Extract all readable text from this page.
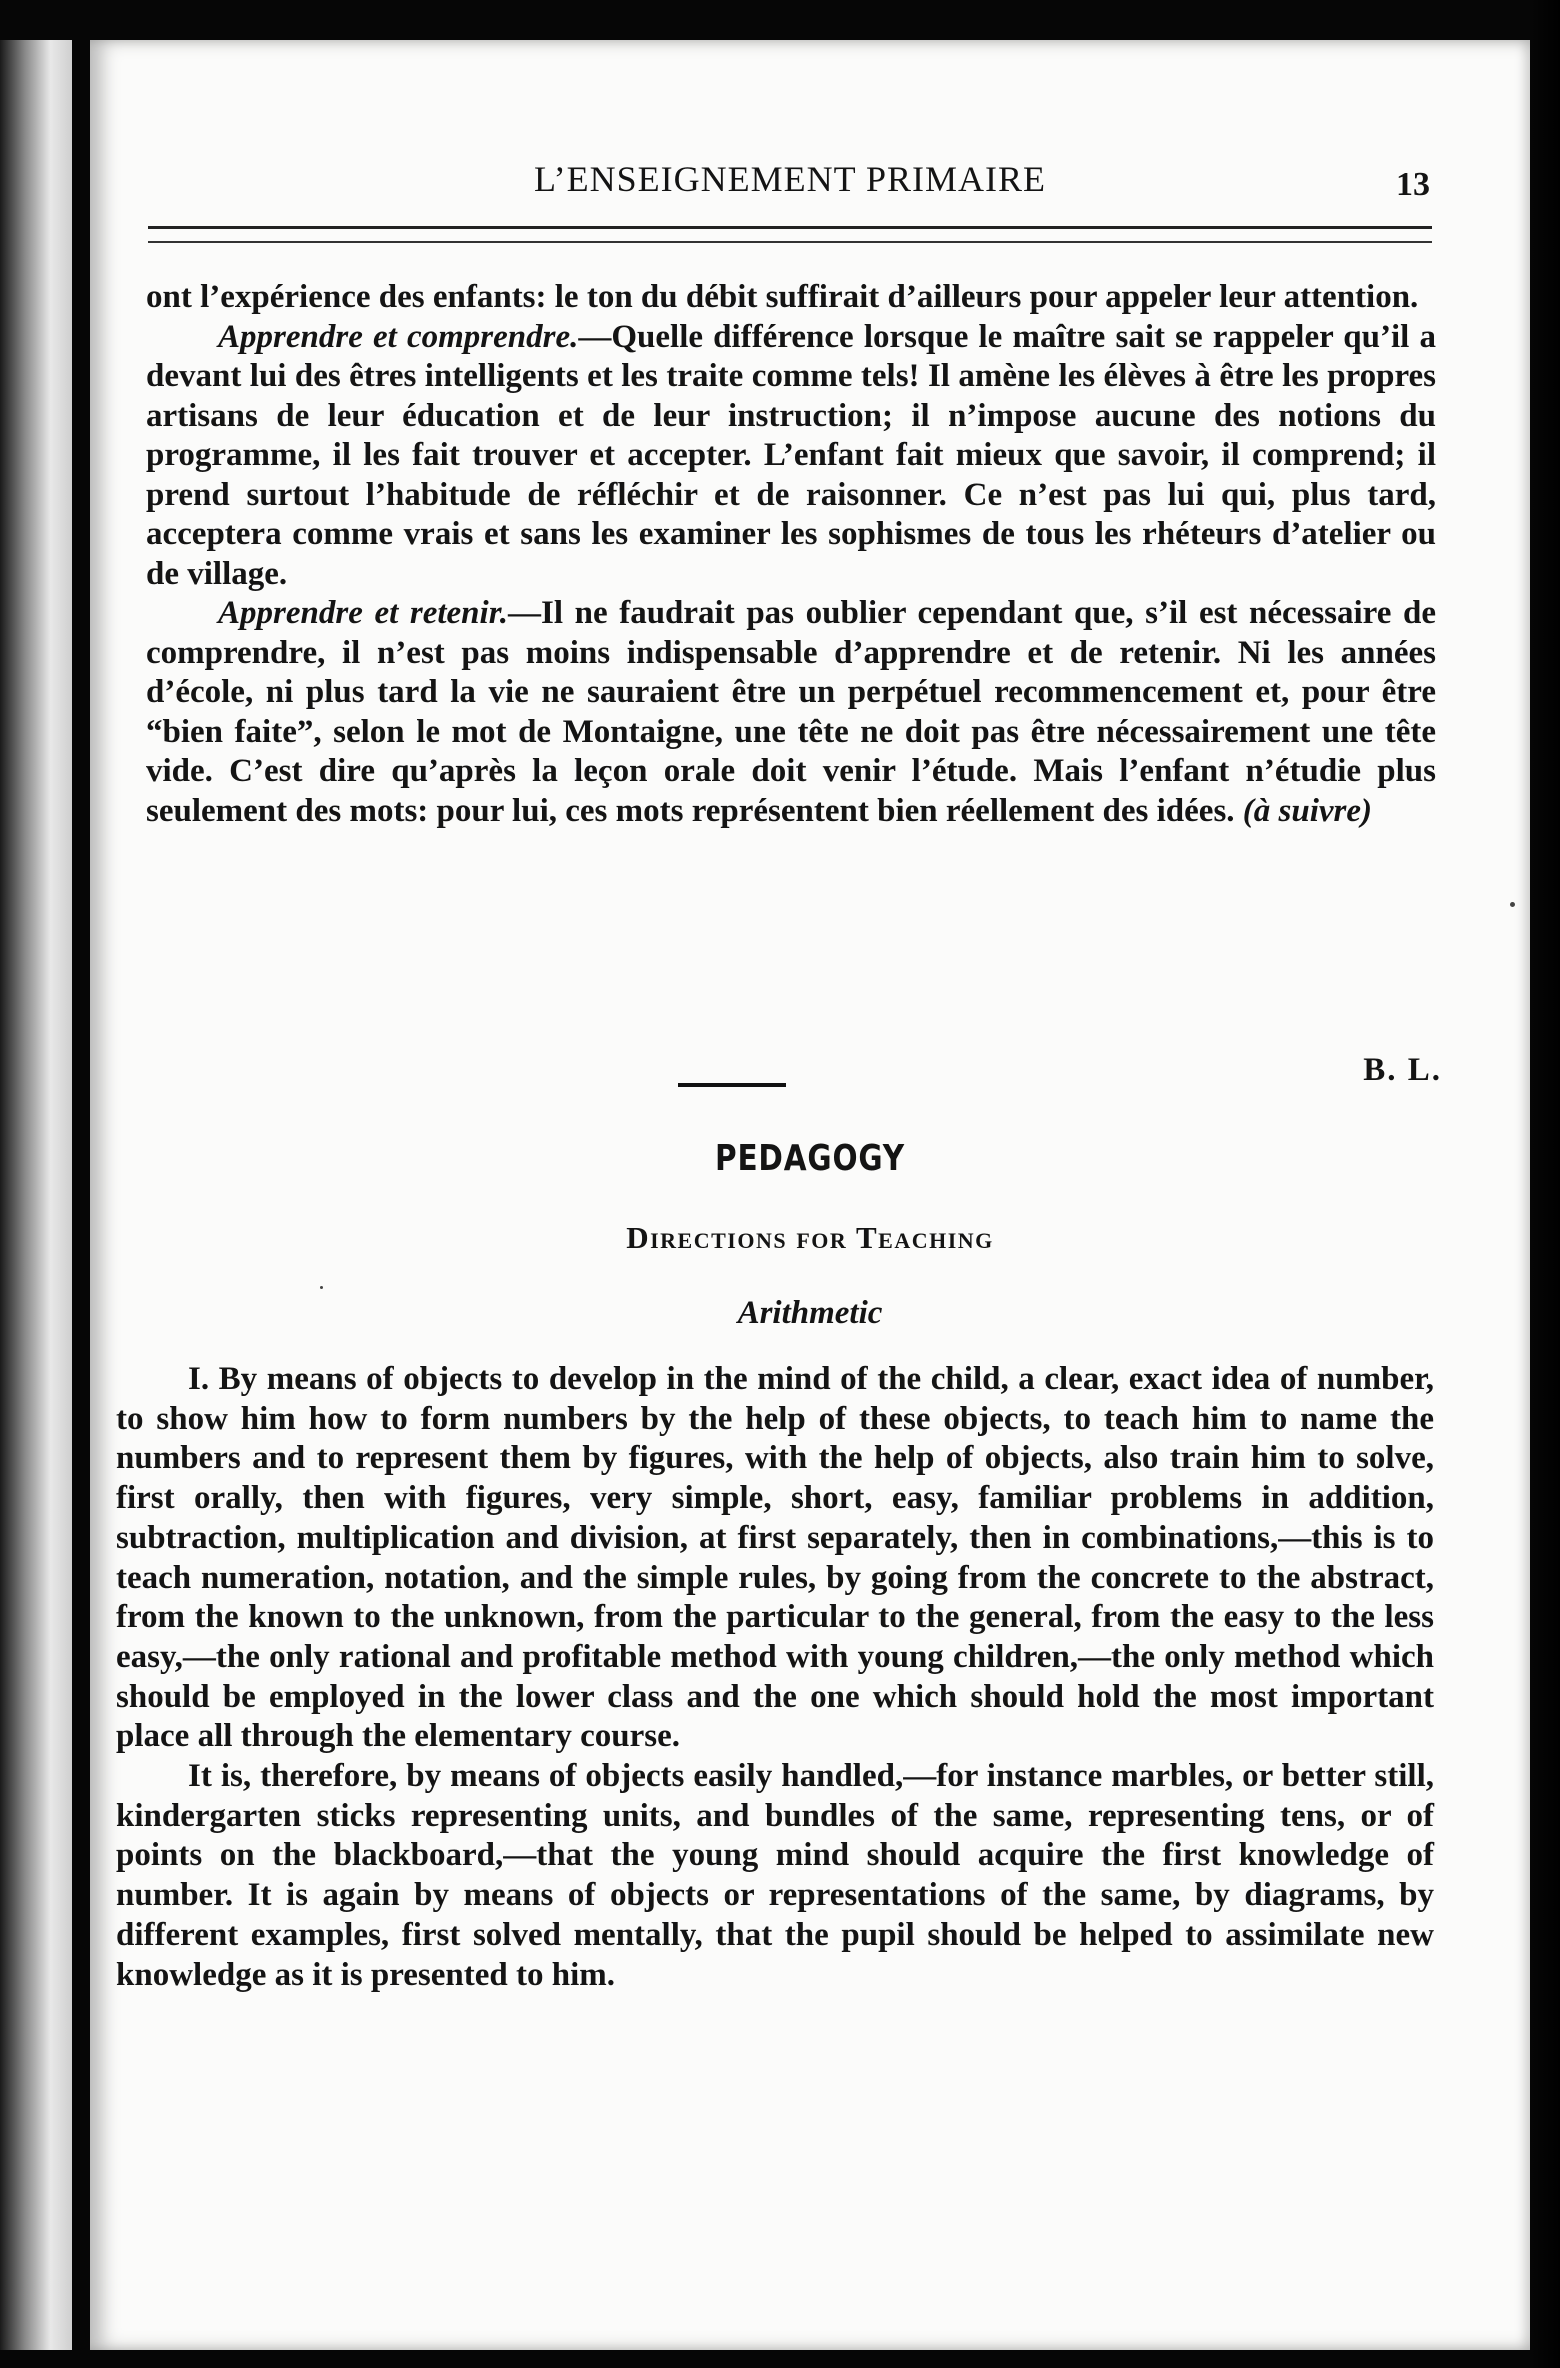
L’ENSEIGNEMENT PRIMAIRE	13

ont l’expérience des enfants: le ton du débit suffirait d’ailleurs pour appeler leur attention.

Apprendre et comprendre.—Quelle différence lorsque le maître sait se rappeler qu’il a devant lui des êtres intelligents et les traite comme tels! Il amène les élèves à être les propres artisans de leur éducation et de leur instruction; il n’impose aucune des notions du programme, il les fait trouver et accepter. L’enfant fait mieux que savoir, il comprend; il prend surtout l’habitude de réfléchir et de raisonner. Ce n’est pas lui qui, plus tard, acceptera comme vrais et sans les examiner les sophismes de tous les rhéteurs d’atelier ou de village.

Apprendre et retenir.—Il ne faudrait pas oublier cependant que, s’il est nécessaire de comprendre, il n’est pas moins indispensable d’apprendre et de retenir. Ni les années d’école, ni plus tard la vie ne sauraient être un perpétuel recommencement et, pour être “bien faite”, selon le mot de Montaigne, une tête ne doit pas être nécessairement une tête vide. C’est dire qu’après la leçon orale doit venir l’étude. Mais l’enfant n’étudie plus seulement des mots: pour lui, ces mots représentent bien réellement des idées. (à suivre)

B. L.
PEDAGOGY
Directions for Teaching
Arithmetic

I. By means of objects to develop in the mind of the child, a clear, exact idea of number, to show him how to form numbers by the help of these objects, to teach him to name the numbers and to represent them by figures, with the help of objects, also train him to solve, first orally, then with figures, very simple, short, easy, familiar problems in addition, subtraction, multiplication and division, at first separately, then in combinations,—this is to teach numeration, notation, and the simple rules, by going from the concrete to the abstract, from the known to the unknown, from the particular to the general, from the easy to the less easy,—the only rational and profitable method with young children,—the only method which should be employed in the lower class and the one which should hold the most important place all through the elementary course.

It is, therefore, by means of objects easily handled,—for instance marbles, or better still, kindergarten sticks representing units, and bundles of the same, representing tens, or of points on the blackboard,—that the young mind should acquire the first knowledge of number. It is again by means of objects or representations of the same, by diagrams, by different examples, first solved mentally, that the pupil should be helped to assimilate new knowledge as it is presented to him.
